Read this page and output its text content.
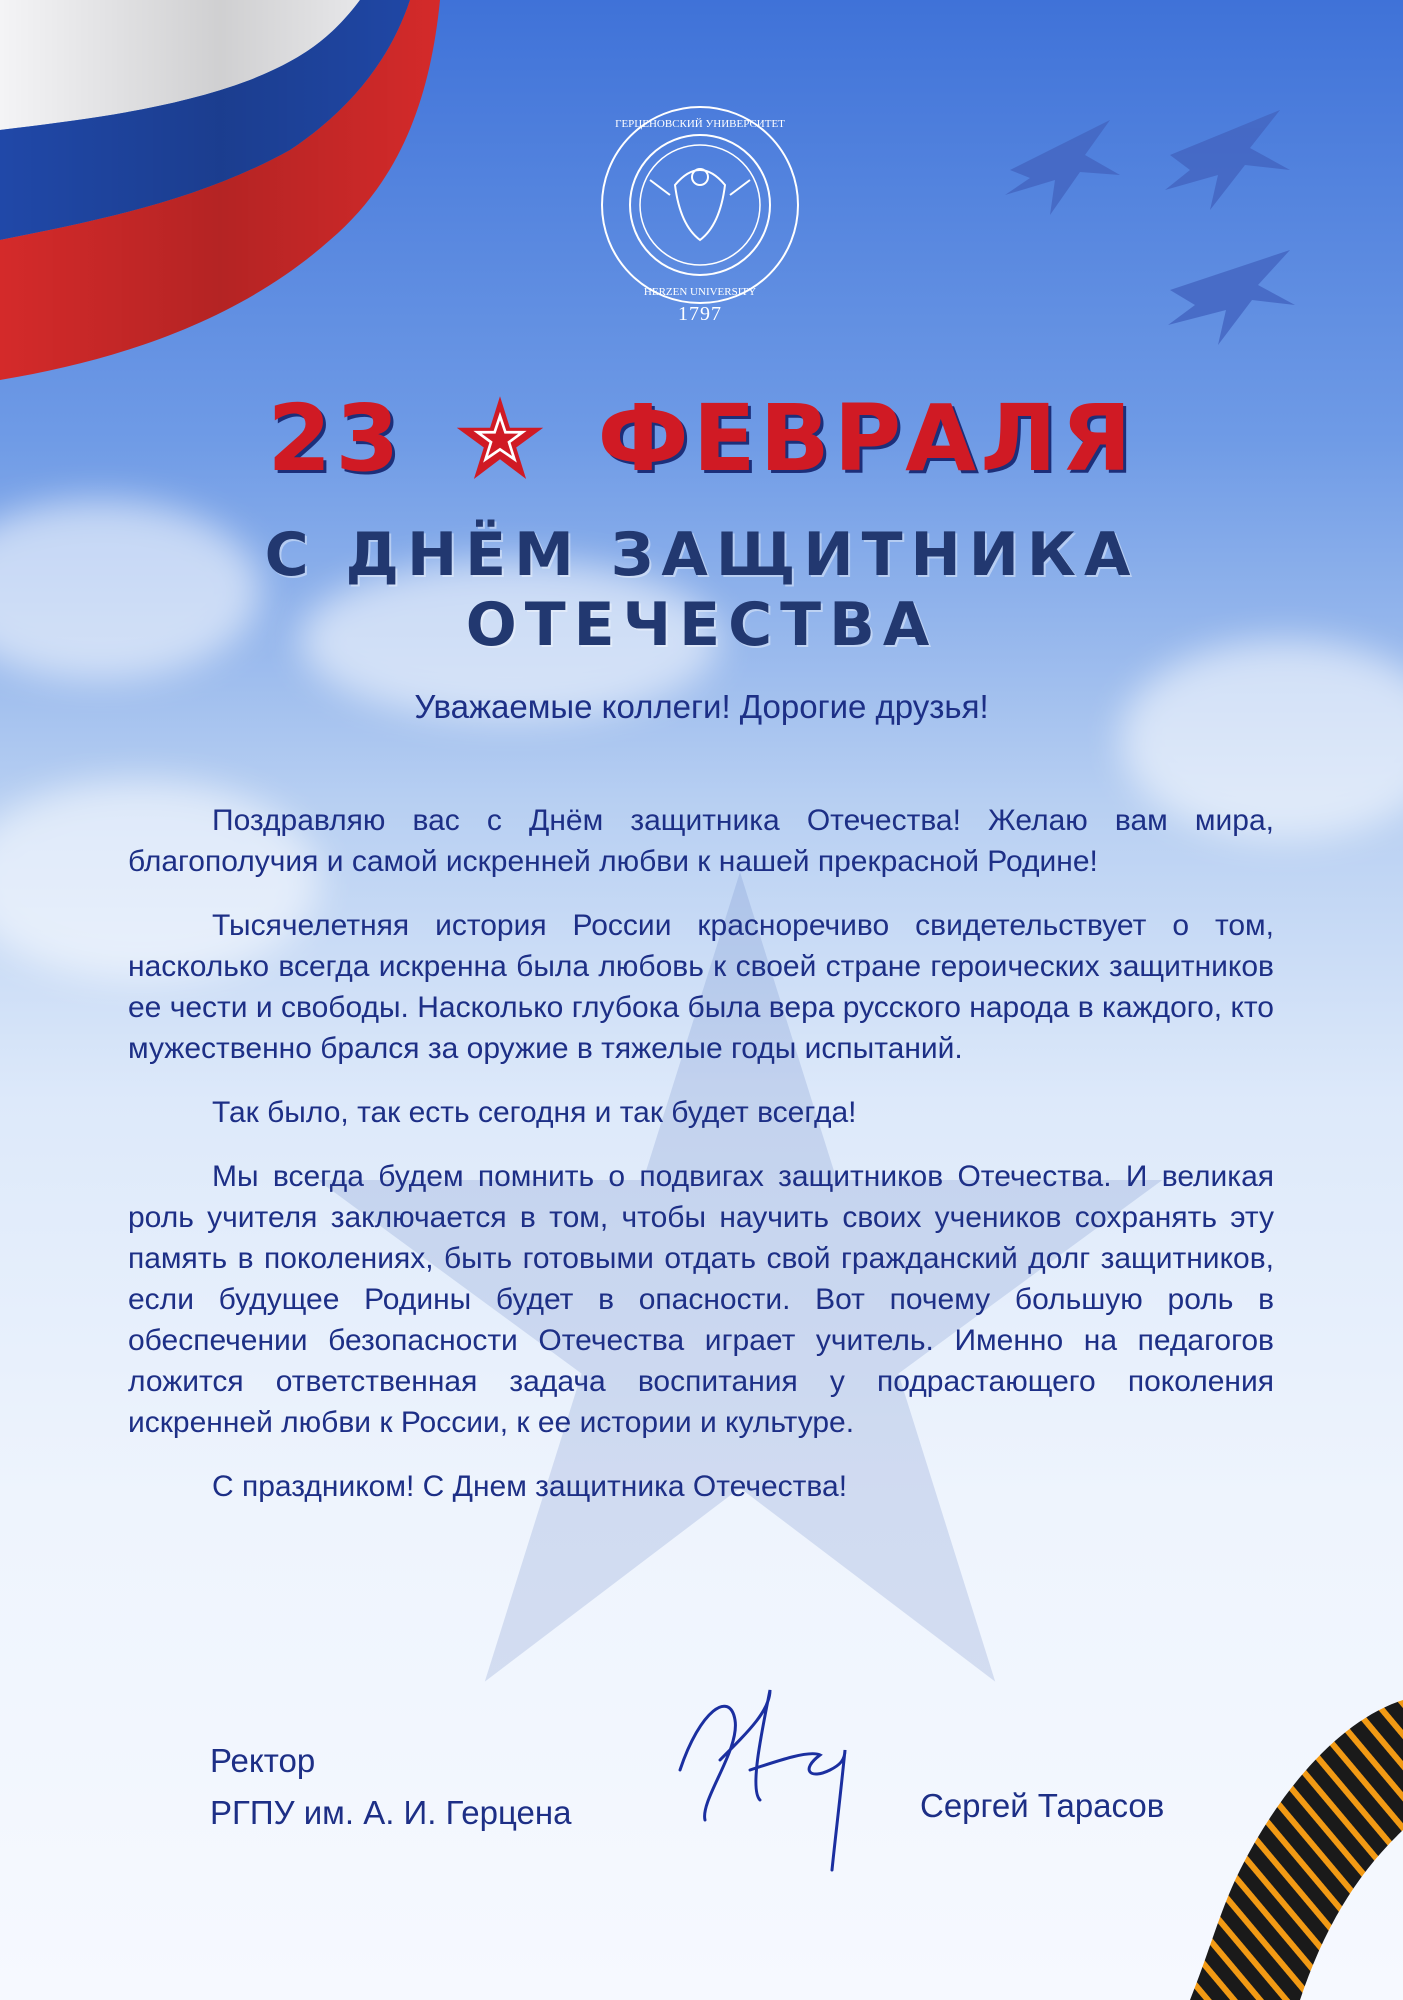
ГЕРЦЕНОВСКИЙ УНИВЕРСИТЕТ
HERZEN UNIVERSITY
1797
23 ФЕВРАЛЯ
С ДНЁМ ЗАЩИТНИКА ОТЕЧЕСТВА
Уважаемые коллеги! Дорогие друзья!

Поздравляю вас с Днём защитника Отечества! Желаю вам мира, благополучия и самой искренней любви к нашей прекрасной Родине!

Тысячелетняя история России красноречиво свидетельствует о том, насколько всегда искренна была любовь к своей стране героических защитников ее чести и свободы. Насколько глубока была вера русского народа в каждого, кто мужественно брался за оружие в тяжелые годы испытаний.

Так было, так есть сегодня и так будет всегда!

Мы всегда будем помнить о подвигах защитников Отечества. И великая роль учителя заключается в том, чтобы научить своих учеников сохранять эту память в поколениях, быть готовыми отдать свой гражданский долг защитников, если будущее Родины будет в опасности. Вот почему большую роль в обеспечении безопасности Отечества играет учитель. Именно на педагогов ложится ответственная задача воспитания у подрастающего поколения искренней любви к России, к ее истории и культуре.

С праздником! С Днем защитника Отечества!

Ректор
РГПУ им. А. И. Герцена	Сергей Тарасов
